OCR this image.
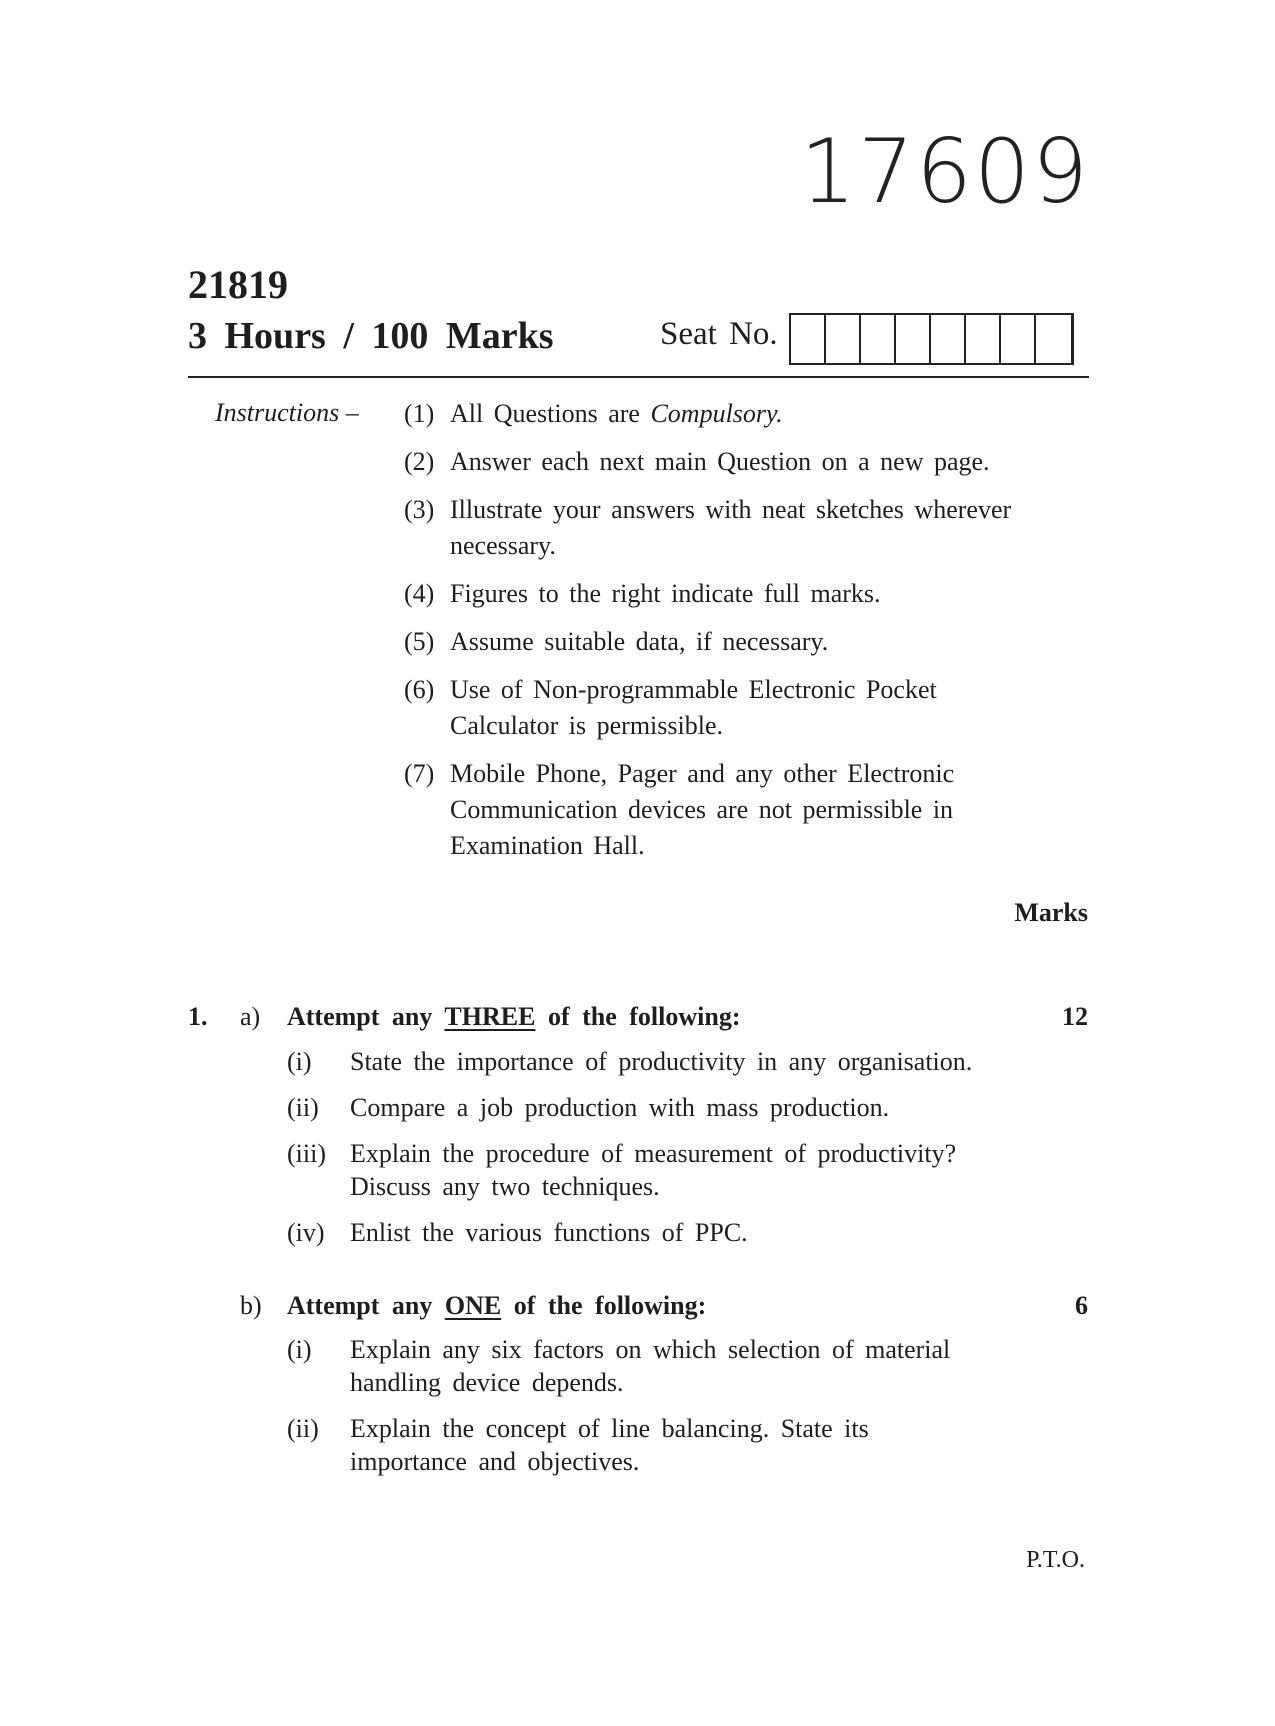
17609
21819
3 Hours / 100 Marks	Seat No.
Instructions – (1) All Questions are Compulsory.
(2) Answer each next main Question on a new page.
(3) Illustrate your answers with neat sketches wherever
necessary.
(4) Figures to the right indicate full marks.
(5) Assume suitable data, if necessary.
(6) Use of Non-programmable Electronic Pocket
Calculator is permissible.
(7) Mobile Phone, Pager and any other Electronic
Communication devices are not permissible in
Examination Hall.
Marks
1. a) Attempt any THREE of the following:	12
(i) State the importance of productivity in any organisation.
(ii) Compare a job production with mass production.
(iii) Explain the procedure of measurement of productivity?
Discuss any two techniques.
(iv) Enlist the various functions of PPC.
b) Attempt any ONE of the following:	6
(i) Explain any six factors on which selection of material
handling device depends.
(ii) Explain the concept of line balancing. State its
importance and objectives.
P.T.O.
